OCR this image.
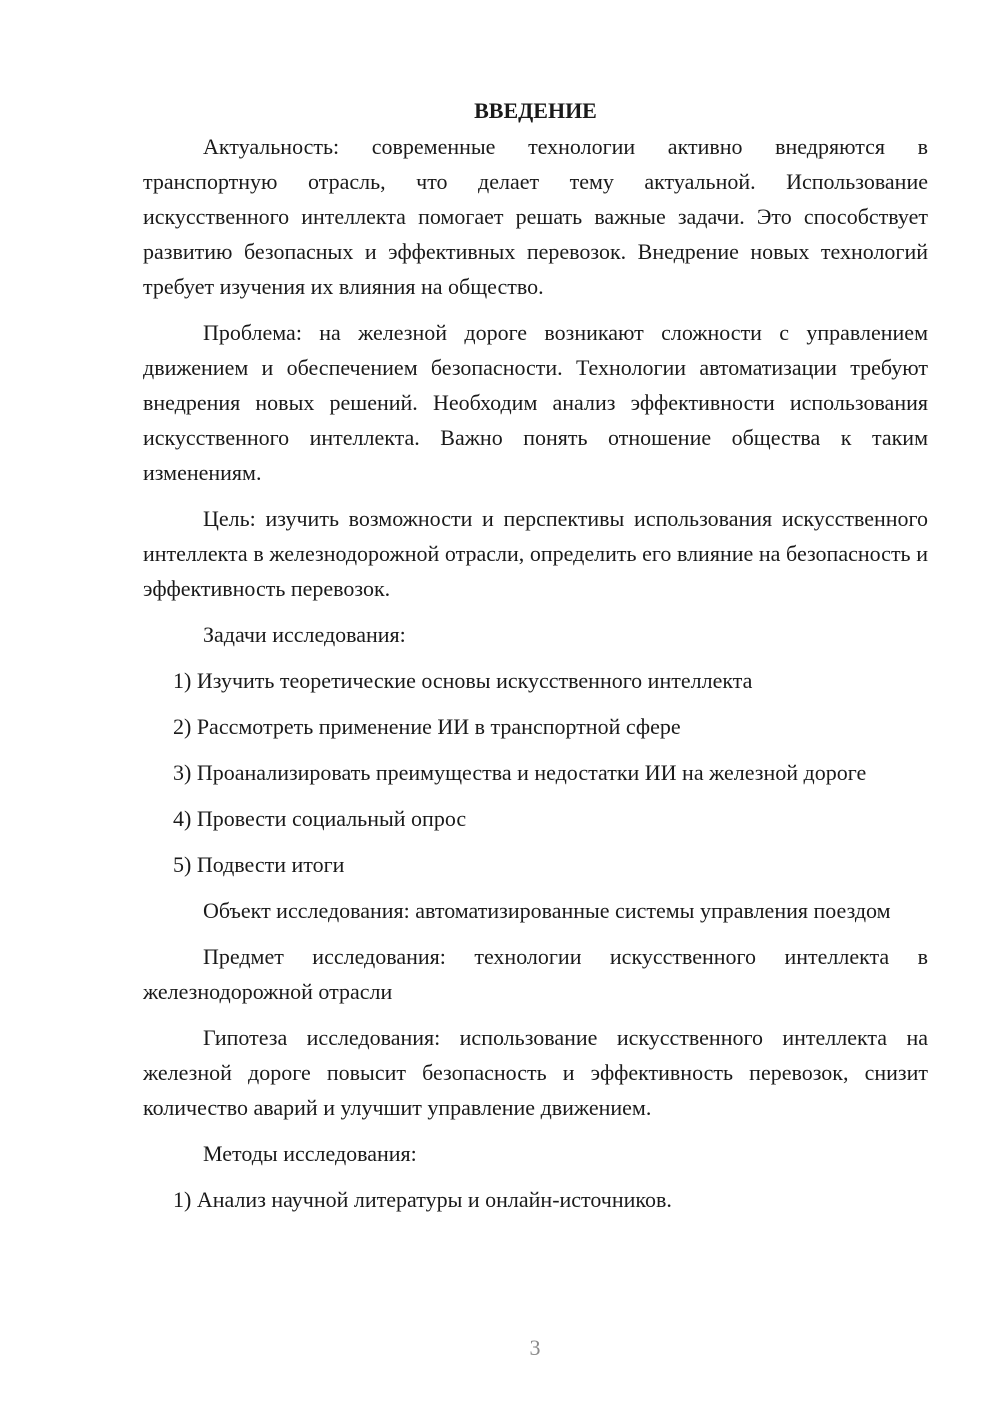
ВВЕДЕНИЕ
Актуальность: современные технологии активно внедряются в транспортную отрасль, что делает тему актуальной. Использование искусственного интеллекта помогает решать важные задачи. Это способствует развитию безопасных и эффективных перевозок. Внедрение новых технологий требует изучения их влияния на общество.
Проблема: на железной дороге возникают сложности с управлением движением и обеспечением безопасности. Технологии автоматизации требуют внедрения новых решений. Необходим анализ эффективности использования искусственного интеллекта. Важно понять отношение общества к таким изменениям.
Цель: изучить возможности и перспективы использования искусственного интеллекта в железнодорожной отрасли, определить его влияние на безопасность и эффективность перевозок.
Задачи исследования:
1) Изучить теоретические основы искусственного интеллекта
2) Рассмотреть применение ИИ в транспортной сфере
3) Проанализировать преимущества и недостатки ИИ на железной дороге
4) Провести социальный опрос
5) Подвести итоги
Объект исследования: автоматизированные системы управления поездом
Предмет исследования: технологии искусственного интеллекта в железнодорожной отрасли
Гипотеза исследования: использование искусственного интеллекта на железной дороге повысит безопасность и эффективность перевозок, снизит количество аварий и улучшит управление движением.
Методы исследования:
1) Анализ научной литературы и онлайн-источников.
3
